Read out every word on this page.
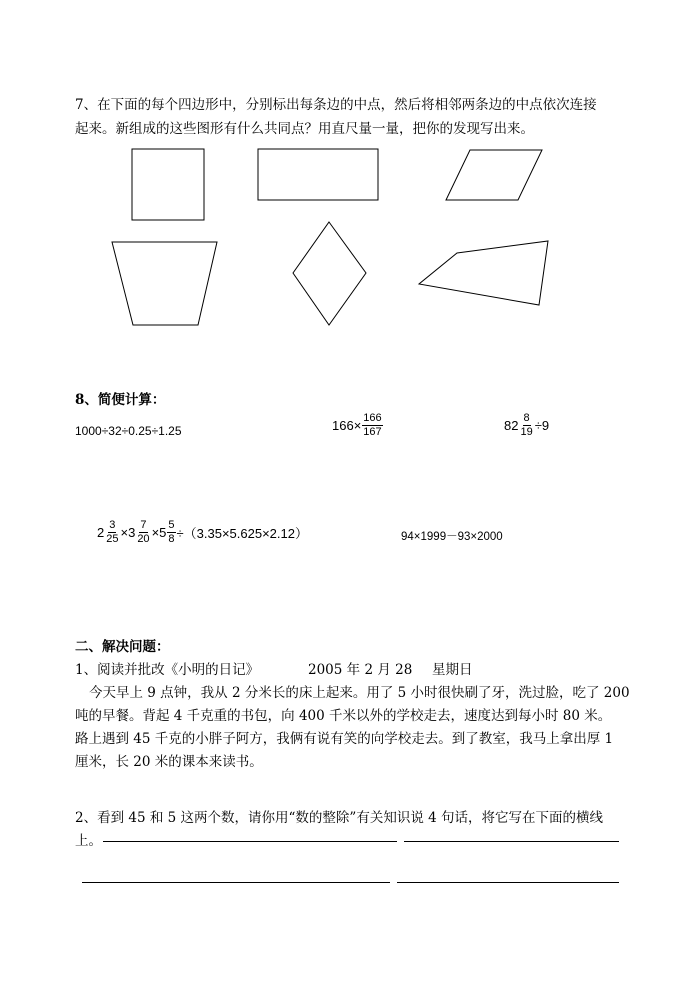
7、在下面的每个四边形中，分别标出每条边的中点，然后将相邻两条边的中点依次连接
起来。新组成的这些图形有什么共同点？用直尺量一量，把你的发现写出来。
8、简便计算：
1000÷32÷0.25÷1.25	$166\times \frac{166}{167}$	$82 \frac{8}{19} \div 9$
$2 \frac{3}{25} \times 3 \frac{7}{20} \times 5 \frac{5}{8} \div(3.35\times 5.625\times 2.12)$	94×1999－93×2000
二、解决问题：
1、阅读并批改《小明的日记》	2005 年 2 月 28 星期日
今天早上 9 点钟，我从 2 分米长的床上起来。用了 5 小时很快刷了牙，洗过脸，吃了 200
吨的早餐。背起 4 千克重的书包，向 400 千米以外的学校走去，速度达到每小时 80 米。
路上遇到 45 千克的小胖子阿方，我俩有说有笑的向学校走去。到了教室，我马上拿出厚 1
厘米，长 20 米的课本来读书。
2、看到 45 和 5 这两个数，请你用“数的整除”有关知识说 4 句话，将它写在下面的横线
上。
